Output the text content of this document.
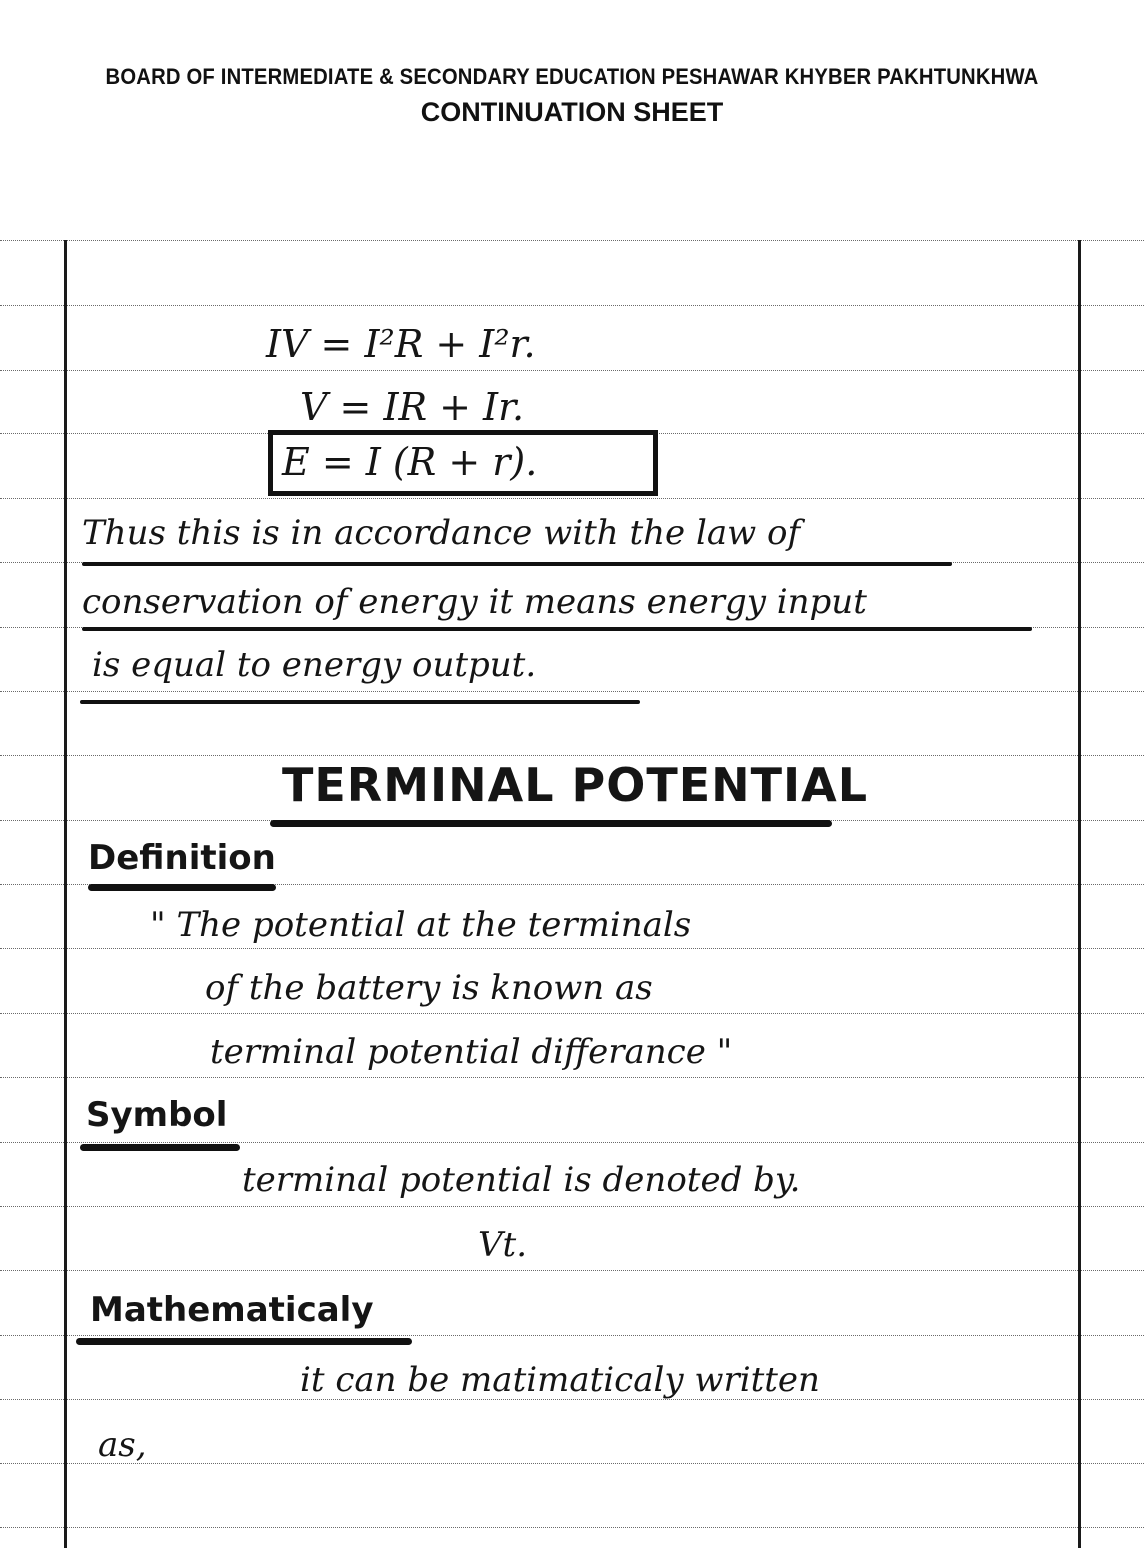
BOARD OF INTERMEDIATE & SECONDARY EDUCATION PESHAWAR KHYBER PAKHTUNKHWA
CONTINUATION SHEET
IV = I²R + I²r.
V = IR + Ir.
E = I (R + r).
Thus this is in accordance with the law of
conservation of energy it means energy input
is equal to energy output.
TERMINAL POTENTIAL
Definition
" The potential at the terminals
of the battery is known as
terminal potential differance "
Symbol
terminal potential is denoted by.
Vt.
Mathematicaly
it can be matimaticaly written
as,
